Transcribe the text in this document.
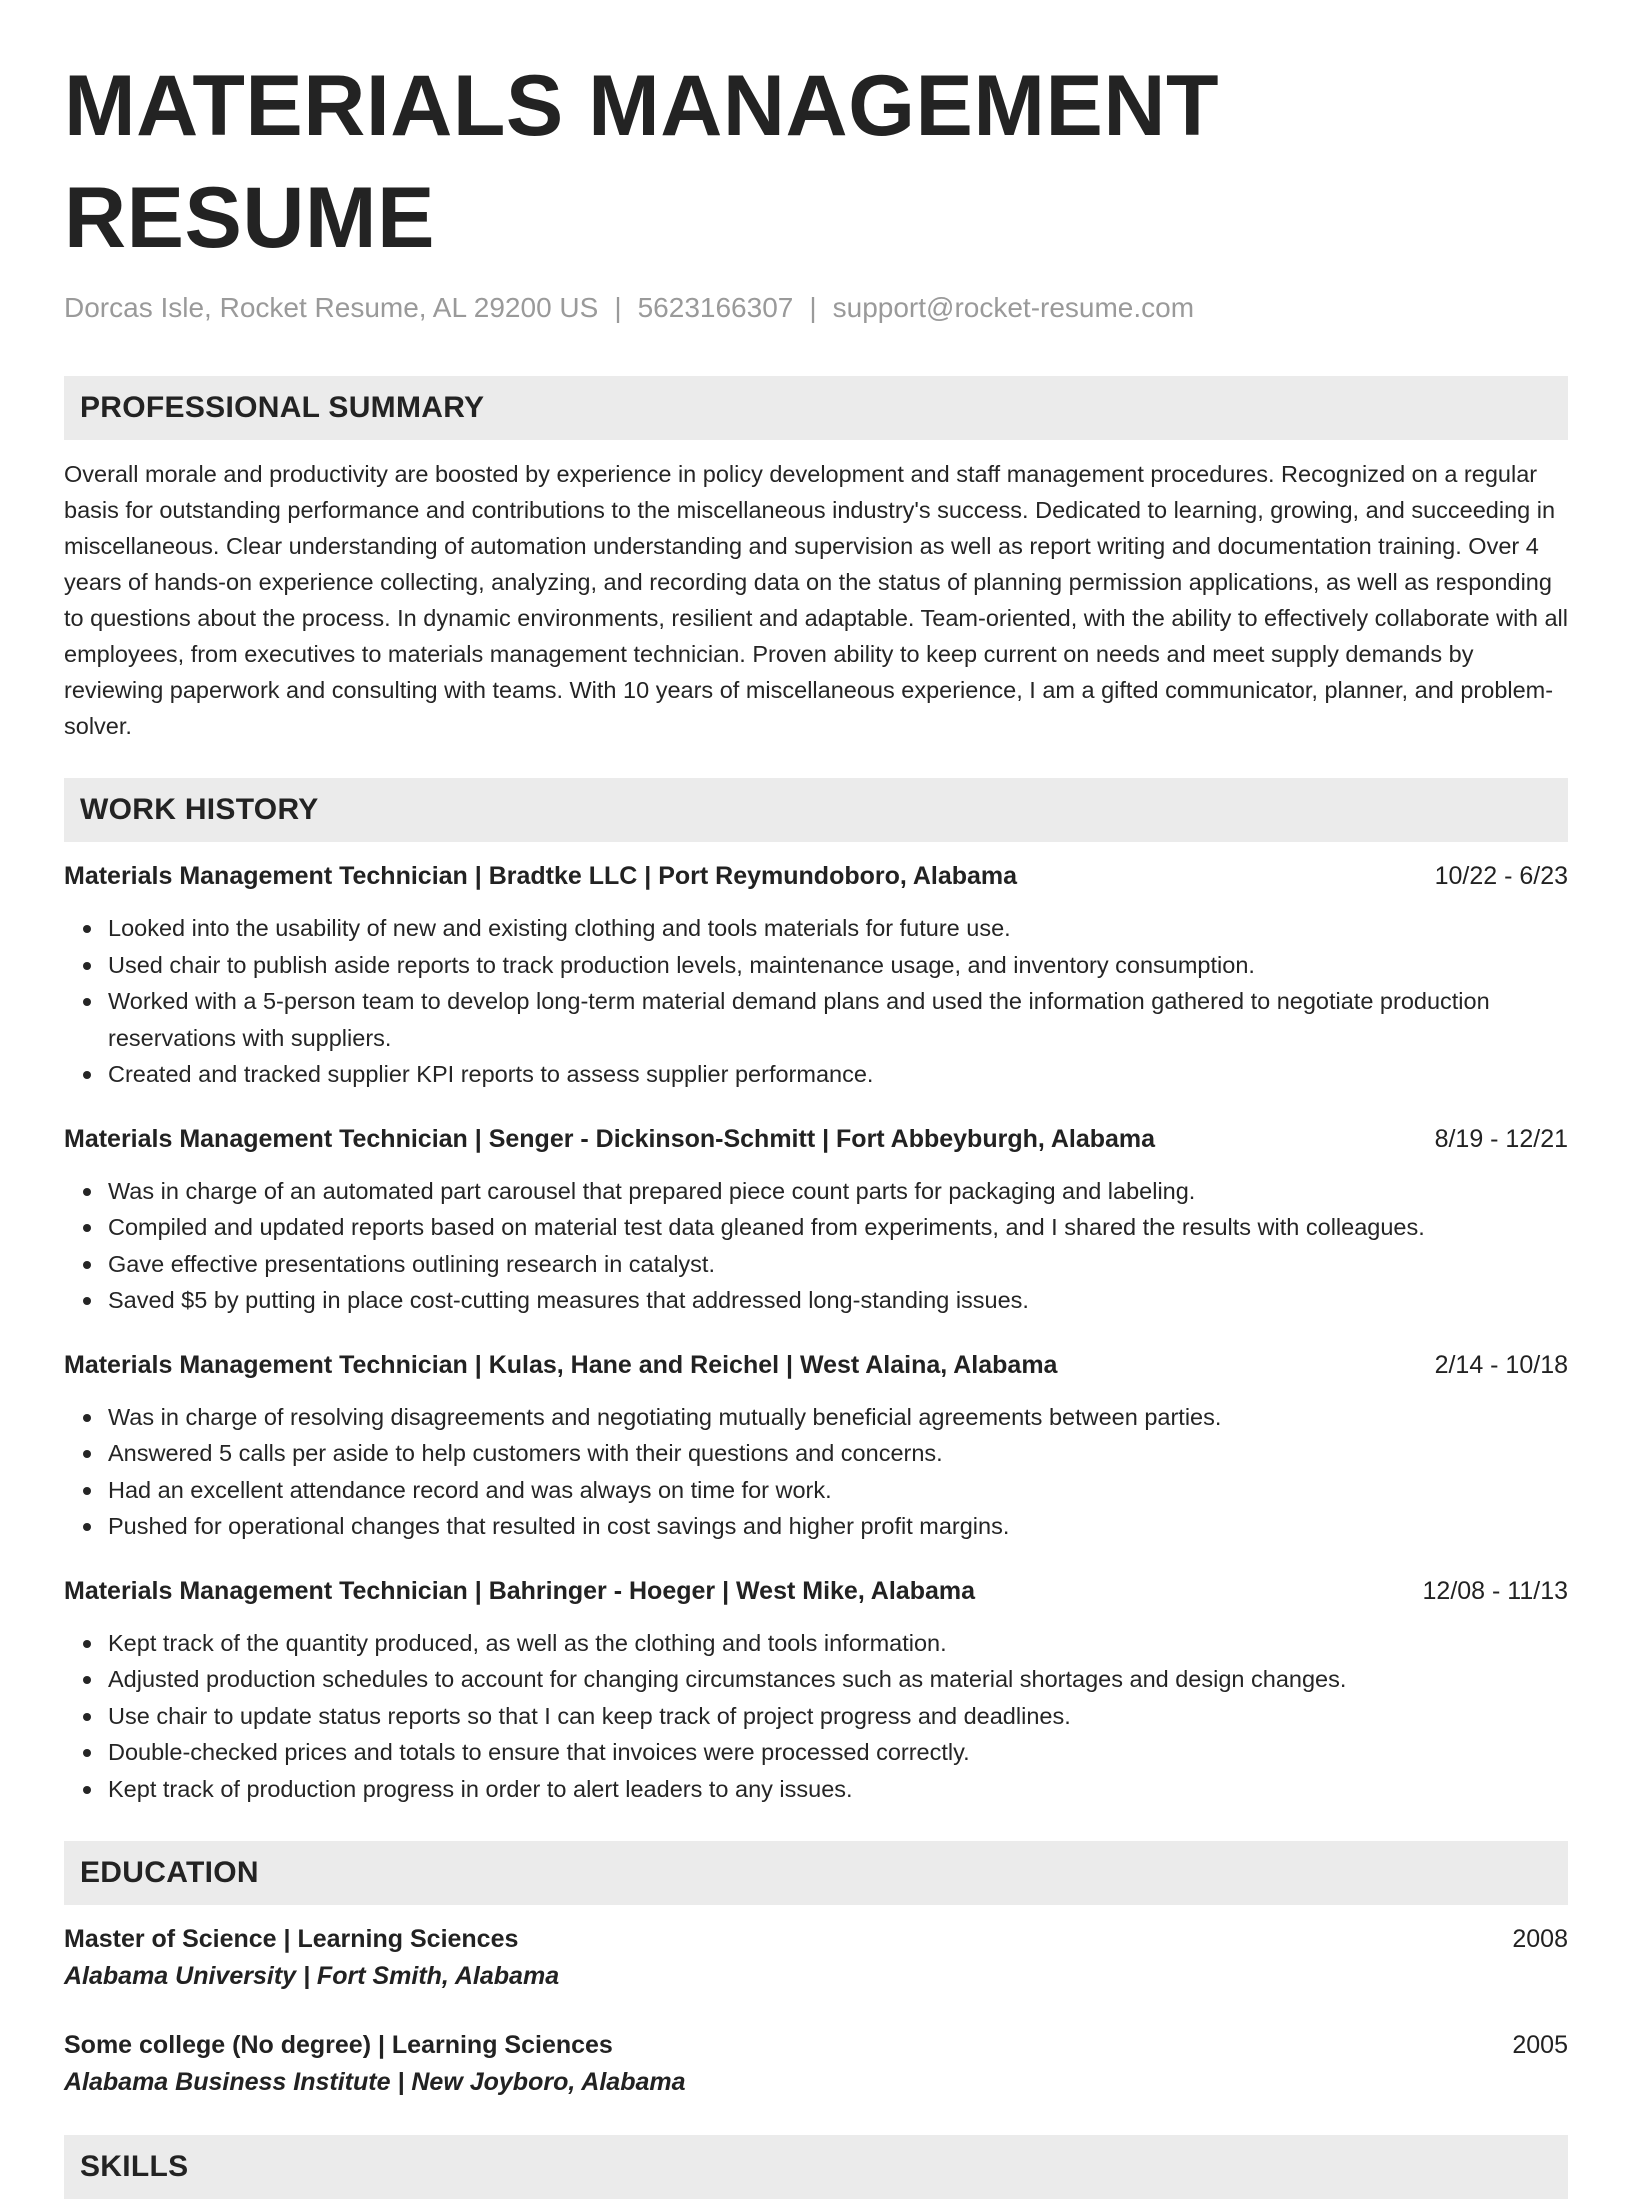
MATERIALS MANAGEMENT RESUME
Dorcas Isle, Rocket Resume, AL 29200 US | 5623166307 | support@rocket-resume.com
PROFESSIONAL SUMMARY
Overall morale and productivity are boosted by experience in policy development and staff management procedures. Recognized on a regular basis for outstanding performance and contributions to the miscellaneous industry's success. Dedicated to learning, growing, and succeeding in miscellaneous. Clear understanding of automation understanding and supervision as well as report writing and documentation training. Over 4 years of hands-on experience collecting, analyzing, and recording data on the status of planning permission applications, as well as responding to questions about the process. In dynamic environments, resilient and adaptable. Team-oriented, with the ability to effectively collaborate with all employees, from executives to materials management technician. Proven ability to keep current on needs and meet supply demands by reviewing paperwork and consulting with teams. With 10 years of miscellaneous experience, I am a gifted communicator, planner, and problem-solver.
WORK HISTORY
Materials Management Technician | Bradtke LLC | Port Reymundoboro, Alabama	10/22 - 6/23
Looked into the usability of new and existing clothing and tools materials for future use.
Used chair to publish aside reports to track production levels, maintenance usage, and inventory consumption.
Worked with a 5-person team to develop long-term material demand plans and used the information gathered to negotiate production reservations with suppliers.
Created and tracked supplier KPI reports to assess supplier performance.
Materials Management Technician | Senger - Dickinson-Schmitt | Fort Abbeyburgh, Alabama	8/19 - 12/21
Was in charge of an automated part carousel that prepared piece count parts for packaging and labeling.
Compiled and updated reports based on material test data gleaned from experiments, and I shared the results with colleagues.
Gave effective presentations outlining research in catalyst.
Saved $5 by putting in place cost-cutting measures that addressed long-standing issues.
Materials Management Technician | Kulas, Hane and Reichel | West Alaina, Alabama	2/14 - 10/18
Was in charge of resolving disagreements and negotiating mutually beneficial agreements between parties.
Answered 5 calls per aside to help customers with their questions and concerns.
Had an excellent attendance record and was always on time for work.
Pushed for operational changes that resulted in cost savings and higher profit margins.
Materials Management Technician | Bahringer - Hoeger | West Mike, Alabama	12/08 - 11/13
Kept track of the quantity produced, as well as the clothing and tools information.
Adjusted production schedules to account for changing circumstances such as material shortages and design changes.
Use chair to update status reports so that I can keep track of project progress and deadlines.
Double-checked prices and totals to ensure that invoices were processed correctly.
Kept track of production progress in order to alert leaders to any issues.
EDUCATION
Master of Science | Learning Sciences	2008
Alabama University | Fort Smith, Alabama
Some college (No degree) | Learning Sciences	2005
Alabama Business Institute | New Joyboro, Alabama
SKILLS
